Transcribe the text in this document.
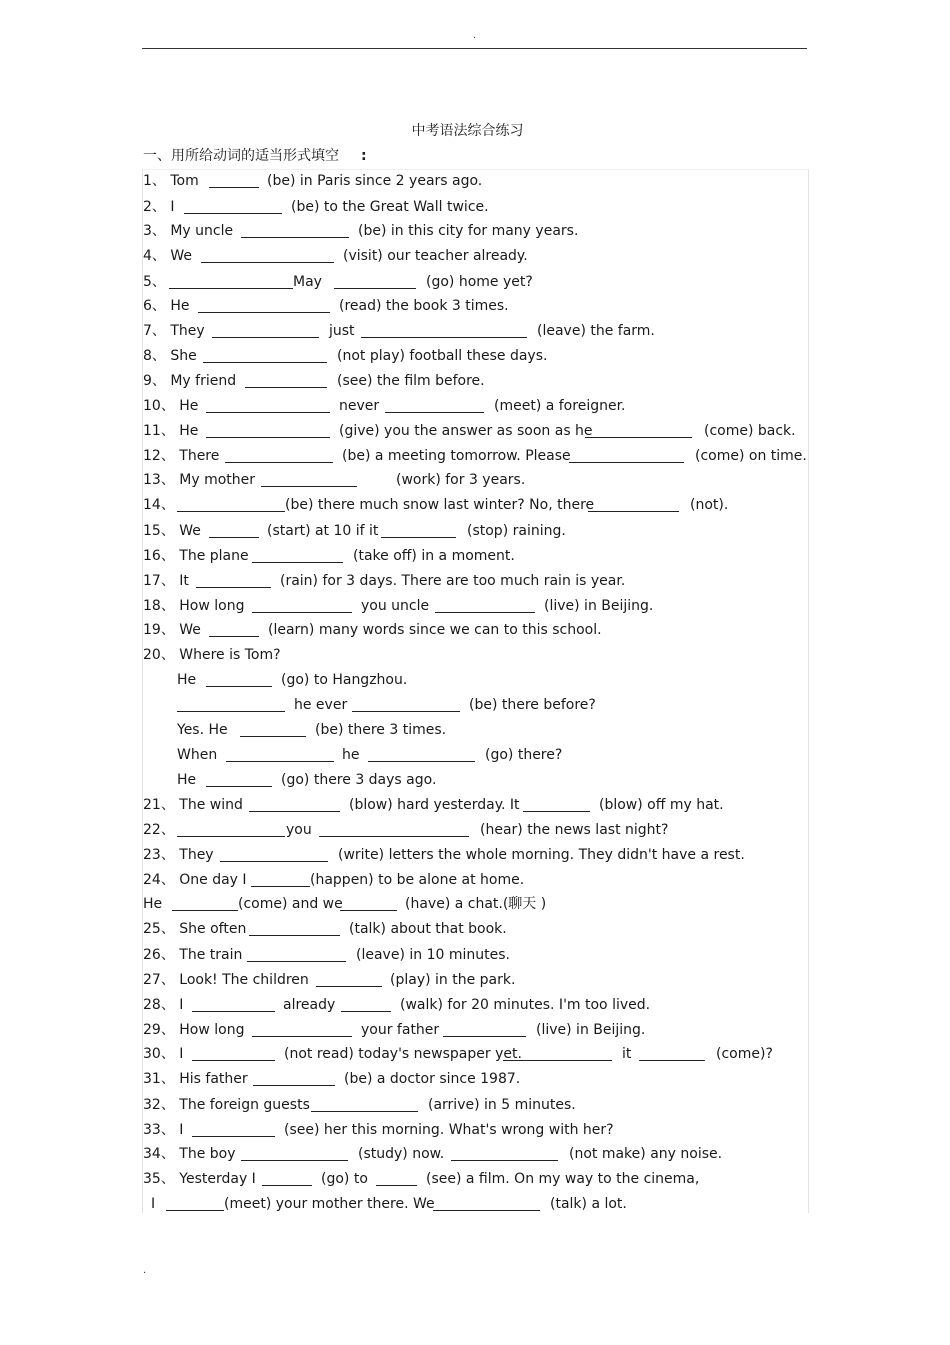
.
中考语法综合练习
一、用所给动词的适当形式填空 :
1、 Tom	(be) in Paris since 2 years ago.
2、 I	(be) to the Great Wall twice.
3、 My uncle	(be) in this city for many years.
4、 We	(visit) our teacher already.
5、	May	(go) home yet?
6、 He	(read) the book 3 times.
7、 They	just	(leave) the farm.
8、 She	(not play) football these days.
9、 My friend	(see) the film before.
10、 He	never	(meet) a foreigner.
11、 He	(give) you the answer as soon as he	(come) back.
12、 There	(be) a meeting tomorrow. Please	(come) on time.
13、 My mother	(work) for 3 years.
14、	(be) there much snow last winter? No, there	(not).
15、 We	(start) at 10 if it	(stop) raining.
16、 The plane	(take off) in a moment.
17、 It	(rain) for 3 days. There are too much rain is year.
18、 How long	you uncle	(live) in Beijing.
19、 We	(learn) many words since we can to this school.
20、 Where is Tom?
He	(go) to Hangzhou.
he ever	(be) there before?
Yes. He	(be) there 3 times.
When	he	(go) there?
He	(go) there 3 days ago.
21、 The wind	(blow) hard yesterday. It	(blow) off my hat.
22、	you	(hear) the news last night?
23、 They	(write) letters the whole morning. They didn't have a rest.
24、 One day I	(happen) to be alone at home.
He	(come) and we	(have) a chat.(聊天 )
25、 She often	(talk) about that book.
26、 The train	(leave) in 10 minutes.
27、 Look! The children	(play) in the park.
28、 I	already	(walk) for 20 minutes. I'm too lived.
29、 How long	your father	(live) in Beijing.
30、 I	(not read) today's newspaper yet.	it	(come)?
31、 His father	(be) a doctor since 1987.
32、 The foreign guests	(arrive) in 5 minutes.
33、 I	(see) her this morning. What's wrong with her?
34、 The boy	(study) now.	(not make) any noise.
35、 Yesterday I	(go) to	(see) a film. On my way to the cinema,
I	(meet) your mother there. We	(talk) a lot.
.
